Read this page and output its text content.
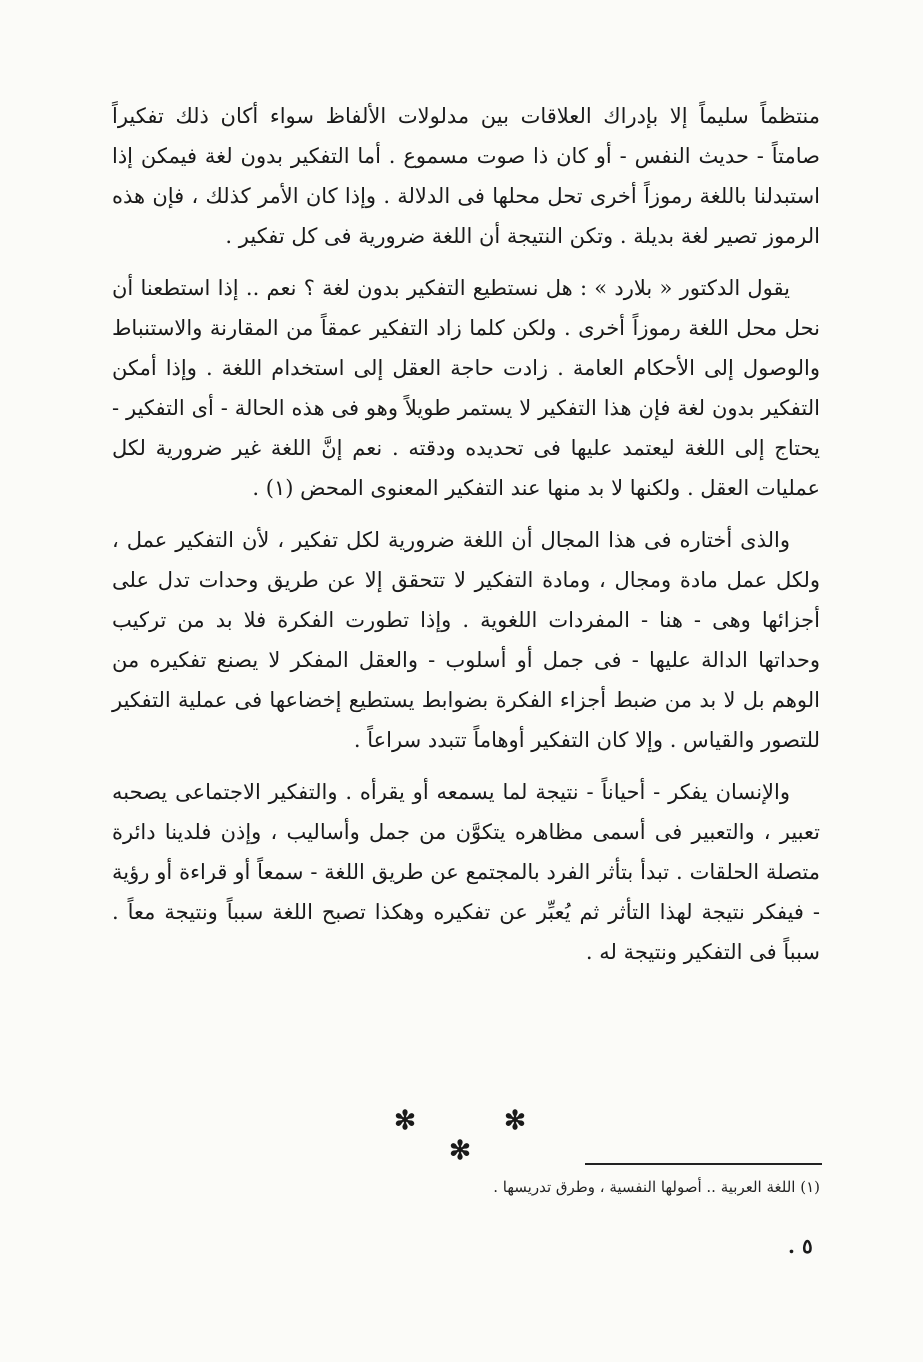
منتظماً سليماً إلا بإدراك العلاقات بين مدلولات الألفاظ سواء أكان ذلك تفكيراً صامتاً - حديث النفس - أو كان ذا صوت مسموع . أما التفكير بدون لغة فيمكن إذا استبدلنا باللغة رموزاً أخرى تحل محلها فى الدلالة . وإذا كان الأمر كذلك ، فإن هذه الرموز تصير لغة بديلة . وتكن النتيجة أن اللغة ضرورية فى كل تفكير .

يقول الدكتور « بلارد » : هل نستطيع التفكير بدون لغة ؟ نعم .. إذا استطعنا أن نحل محل اللغة رموزاً أخرى . ولكن كلما زاد التفكير عمقاً من المقارنة والاستنباط والوصول إلى الأحكام العامة . زادت حاجة العقل إلى استخدام اللغة . وإذا أمكن التفكير بدون لغة فإن هذا التفكير لا يستمر طويلاً وهو فى هذه الحالة - أى التفكير - يحتاج إلى اللغة ليعتمد عليها فى تحديده ودقته . نعم إنَّ اللغة غير ضرورية لكل عمليات العقل . ولكنها لا بد منها عند التفكير المعنوى المحض (١) .

والذى أختاره فى هذا المجال أن اللغة ضرورية لكل تفكير ، لأن التفكير عمل ، ولكل عمل مادة ومجال ، ومادة التفكير لا تتحقق إلا عن طريق وحدات تدل على أجزائها وهى - هنا - المفردات اللغوية . وإذا تطورت الفكرة فلا بد من تركيب وحداتها الدالة عليها - فى جمل أو أسلوب - والعقل المفكر لا يصنع تفكيره من الوهم بل لا بد من ضبط أجزاء الفكرة بضوابط يستطيع إخضاعها فى عملية التفكير للتصور والقياس . وإلا كان التفكير أوهاماً تتبدد سراعاً .

والإنسان يفكر - أحياناً - نتيجة لما يسمعه أو يقرأه . والتفكير الاجتماعى يصحبه تعبير ، والتعبير فى أسمى مظاهره يتكوَّن من جمل وأساليب ، وإذن فلدينا دائرة متصلة الحلقات . تبدأ بتأثر الفرد بالمجتمع عن طريق اللغة - سمعاً أو قراءة أو رؤية - فيفكر نتيجة لهذا التأثر ثم يُعبِّر عن تفكيره وهكذا تصبح اللغة سبباً ونتيجة معاً . سبباً فى التفكير ونتيجة له .

✻ ✻ ✻
(١) اللغة العربية .. أصولها النفسية ، وطرق تدريسها .
٥ .
